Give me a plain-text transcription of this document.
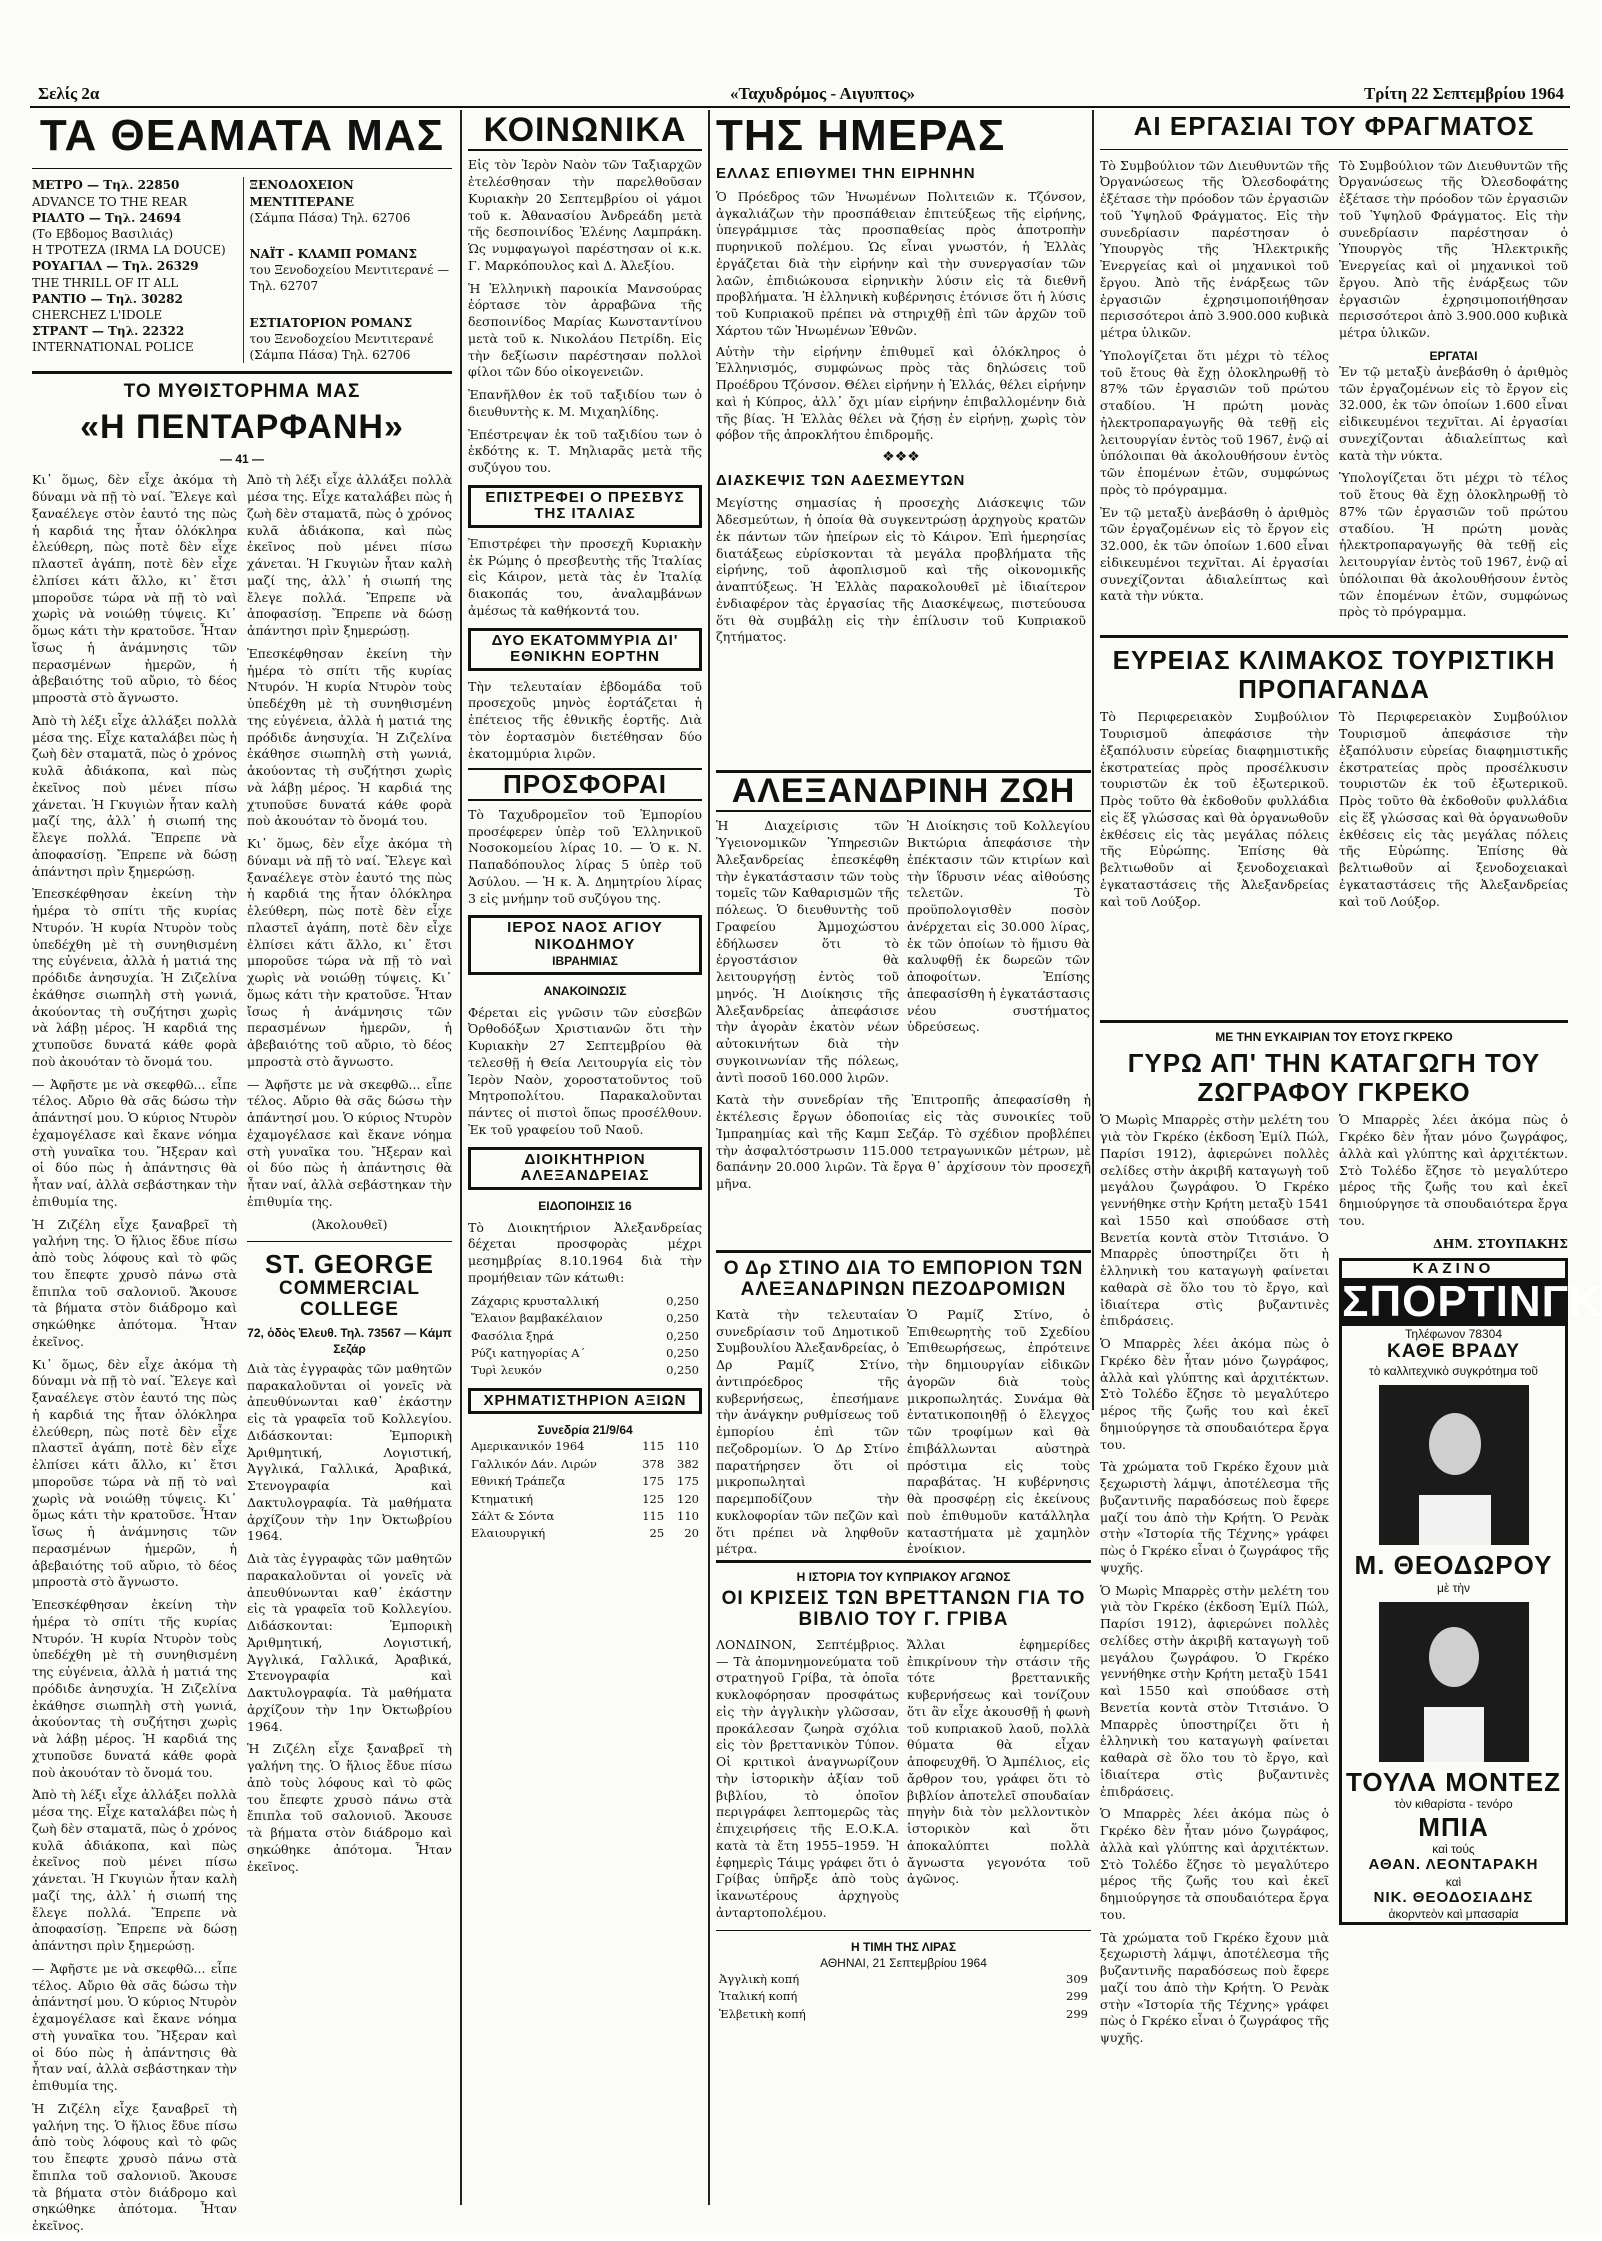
Σελίς 2α	«Ταχυδρόμος - Αιγυπτος»	Τρίτη 22 Σεπτεμβρίου 1964
ΤΑ ΘΕΑΜΑΤΑ ΜΑΣ

ΜΕΤΡΟ — Τηλ. 22850

ADVANCE TO THE REAR

ΡΙΑΛΤΟ — Τηλ. 24694

(Το Εβδομος Βασιλιάς)

Η ΤΡΟΤΕΖΑ (IRMA LA DOUCE)

ΡΟΥΑΓΙΑΛ — Τηλ. 26329

THE THRILL OF IT ALL

ΡΑΝΤΙΟ — Τηλ. 30282

CHERCHEZ L'IDOLE

ΣΤΡΑΝΤ — Τηλ. 22322

INTERNATIONAL POLICE

ΞΕΝΟΔΟΧΕΙΟΝ ΜΕΝΤΙΤΕΡΑΝΕ

(Σάμπα Πάσα) Τηλ. 62706

ΝΑΪΤ - ΚΛΑΜΠ ΡΟΜΑΝΣ

του Ξενοδοχείου Μεντιτερανέ — Τηλ. 62707

ΕΣΤΙΑΤΟΡΙΟΝ ΡΟΜΑΝΣ

του Ξενοδοχείου Μεντιτερανέ (Σάμπα Πάσα) Τηλ. 62706

ΤΟ ΜΥΘΙΣΤΟΡΗΜΑ ΜΑΣ
«Η ΠΕΝΤΑΡΦΑΝΗ»
— 41 —

Κι᾿ ὅμως, δὲν εἶχε ἀκόμα τὴ δύναμι νὰ πῇ τὸ ναί. Ἔλεγε καὶ ξαναέλεγε στὸν ἑαυτό της πὼς ἡ καρδιά της ἦταν ὁλόκληρα ἐλεύθερη, πὼς ποτὲ δὲν εἶχε πλαστεῖ ἀγάπη, ποτὲ δὲν εἶχε ἐλπίσει κάτι ἄλλο, κι᾿ ἔτσι μποροῦσε τώρα νὰ πῇ τὸ ναὶ χωρὶς νὰ νοιώθῃ τύψεις. Κι᾿ ὅμως κάτι τὴν κρατοῦσε. Ἦταν ἴσως ἡ ἀνάμνησις τῶν περασμένων ἡμερῶν, ἡ ἀβεβαιότης τοῦ αὔριο, τὸ δέος μπροστὰ στὸ ἄγνωστο.

Ἀπὸ τὴ λέξι εἶχε ἀλλάξει πολλὰ μέσα της. Εἶχε καταλάβει πὼς ἡ ζωὴ δὲν σταματᾶ, πὼς ὁ χρόνος κυλᾶ ἀδιάκοπα, καὶ πὼς ἐκεῖνος ποὺ μένει πίσω χάνεται. Ἡ Γκυγιὼν ἦταν καλὴ μαζί της, ἀλλ᾿ ἡ σιωπή της ἔλεγε πολλά. Ἔπρεπε νὰ ἀποφασίσῃ. Ἔπρεπε νὰ δώσῃ ἀπάντησι πρὶν ξημερώσῃ.

Ἐπεσκέφθησαν ἐκείνη τὴν ἡμέρα τὸ σπίτι τῆς κυρίας Ντυρόν. Ἡ κυρία Ντυρὸν τοὺς ὑπεδέχθη μὲ τὴ συνηθισμένη της εὐγένεια, ἀλλὰ ἡ ματιά της πρόδιδε ἀνησυχία. Ἡ Ζιζελίνα ἐκάθησε σιωπηλὴ στὴ γωνιά, ἀκούοντας τὴ συζήτησι χωρὶς νὰ λάβῃ μέρος. Ἡ καρδιά της χτυποῦσε δυνατά κάθε φορὰ ποὺ ἀκουόταν τὸ ὄνομά του.

— Ἀφῆστε με νὰ σκεφθῶ... εἶπε τέλος. Αὔριο θὰ σᾶς δώσω τὴν ἀπάντησί μου. Ὁ κύριος Ντυρὸν ἐχαμογέλασε καὶ ἔκανε νόημα στὴ γυναῖκα του. Ἤξεραν καὶ οἱ δύο πὼς ἡ ἀπάντησις θὰ ἦταν ναί, ἀλλὰ σεβάστηκαν τὴν ἐπιθυμία της.

Ἡ Ζιζέλη εἶχε ξαναβρεῖ τὴ γαλήνη της. Ὁ ἥλιος ἔδυε πίσω ἀπὸ τοὺς λόφους καὶ τὸ φῶς του ἔπεφτε χρυσὸ πάνω στὰ ἔπιπλα τοῦ σαλονιοῦ. Ἄκουσε τὰ βήματα στὸν διάδρομο καὶ σηκώθηκε ἀπότομα. Ἦταν ἐκεῖνος.

Κι᾿ ὅμως, δὲν εἶχε ἀκόμα τὴ δύναμι νὰ πῇ τὸ ναί. Ἔλεγε καὶ ξαναέλεγε στὸν ἑαυτό της πὼς ἡ καρδιά της ἦταν ὁλόκληρα ἐλεύθερη, πὼς ποτὲ δὲν εἶχε πλαστεῖ ἀγάπη, ποτὲ δὲν εἶχε ἐλπίσει κάτι ἄλλο, κι᾿ ἔτσι μποροῦσε τώρα νὰ πῇ τὸ ναὶ χωρὶς νὰ νοιώθῃ τύψεις. Κι᾿ ὅμως κάτι τὴν κρατοῦσε. Ἦταν ἴσως ἡ ἀνάμνησις τῶν περασμένων ἡμερῶν, ἡ ἀβεβαιότης τοῦ αὔριο, τὸ δέος μπροστὰ στὸ ἄγνωστο.

Ἐπεσκέφθησαν ἐκείνη τὴν ἡμέρα τὸ σπίτι τῆς κυρίας Ντυρόν. Ἡ κυρία Ντυρὸν τοὺς ὑπεδέχθη μὲ τὴ συνηθισμένη της εὐγένεια, ἀλλὰ ἡ ματιά της πρόδιδε ἀνησυχία. Ἡ Ζιζελίνα ἐκάθησε σιωπηλὴ στὴ γωνιά, ἀκούοντας τὴ συζήτησι χωρὶς νὰ λάβῃ μέρος. Ἡ καρδιά της χτυποῦσε δυνατά κάθε φορὰ ποὺ ἀκουόταν τὸ ὄνομά του.

Ἀπὸ τὴ λέξι εἶχε ἀλλάξει πολλὰ μέσα της. Εἶχε καταλάβει πὼς ἡ ζωὴ δὲν σταματᾶ, πὼς ὁ χρόνος κυλᾶ ἀδιάκοπα, καὶ πὼς ἐκεῖνος ποὺ μένει πίσω χάνεται. Ἡ Γκυγιὼν ἦταν καλὴ μαζί της, ἀλλ᾿ ἡ σιωπή της ἔλεγε πολλά. Ἔπρεπε νὰ ἀποφασίσῃ. Ἔπρεπε νὰ δώσῃ ἀπάντησι πρὶν ξημερώσῃ.

— Ἀφῆστε με νὰ σκεφθῶ... εἶπε τέλος. Αὔριο θὰ σᾶς δώσω τὴν ἀπάντησί μου. Ὁ κύριος Ντυρὸν ἐχαμογέλασε καὶ ἔκανε νόημα στὴ γυναῖκα του. Ἤξεραν καὶ οἱ δύο πὼς ἡ ἀπάντησις θὰ ἦταν ναί, ἀλλὰ σεβάστηκαν τὴν ἐπιθυμία της.

Ἡ Ζιζέλη εἶχε ξαναβρεῖ τὴ γαλήνη της. Ὁ ἥλιος ἔδυε πίσω ἀπὸ τοὺς λόφους καὶ τὸ φῶς του ἔπεφτε χρυσὸ πάνω στὰ ἔπιπλα τοῦ σαλονιοῦ. Ἄκουσε τὰ βήματα στὸν διάδρομο καὶ σηκώθηκε ἀπότομα. Ἦταν ἐκεῖνος.

Ἀπὸ τὴ λέξι εἶχε ἀλλάξει πολλὰ μέσα της. Εἶχε καταλάβει πὼς ἡ ζωὴ δὲν σταματᾶ, πὼς ὁ χρόνος κυλᾶ ἀδιάκοπα, καὶ πὼς ἐκεῖνος ποὺ μένει πίσω χάνεται. Ἡ Γκυγιὼν ἦταν καλὴ μαζί της, ἀλλ᾿ ἡ σιωπή της ἔλεγε πολλά. Ἔπρεπε νὰ ἀποφασίσῃ. Ἔπρεπε νὰ δώσῃ ἀπάντησι πρὶν ξημερώσῃ.

Ἐπεσκέφθησαν ἐκείνη τὴν ἡμέρα τὸ σπίτι τῆς κυρίας Ντυρόν. Ἡ κυρία Ντυρὸν τοὺς ὑπεδέχθη μὲ τὴ συνηθισμένη της εὐγένεια, ἀλλὰ ἡ ματιά της πρόδιδε ἀνησυχία. Ἡ Ζιζελίνα ἐκάθησε σιωπηλὴ στὴ γωνιά, ἀκούοντας τὴ συζήτησι χωρὶς νὰ λάβῃ μέρος. Ἡ καρδιά της χτυποῦσε δυνατά κάθε φορὰ ποὺ ἀκουόταν τὸ ὄνομά του.

Κι᾿ ὅμως, δὲν εἶχε ἀκόμα τὴ δύναμι νὰ πῇ τὸ ναί. Ἔλεγε καὶ ξαναέλεγε στὸν ἑαυτό της πὼς ἡ καρδιά της ἦταν ὁλόκληρα ἐλεύθερη, πὼς ποτὲ δὲν εἶχε πλαστεῖ ἀγάπη, ποτὲ δὲν εἶχε ἐλπίσει κάτι ἄλλο, κι᾿ ἔτσι μποροῦσε τώρα νὰ πῇ τὸ ναὶ χωρὶς νὰ νοιώθῃ τύψεις. Κι᾿ ὅμως κάτι τὴν κρατοῦσε. Ἦταν ἴσως ἡ ἀνάμνησις τῶν περασμένων ἡμερῶν, ἡ ἀβεβαιότης τοῦ αὔριο, τὸ δέος μπροστὰ στὸ ἄγνωστο.

— Ἀφῆστε με νὰ σκεφθῶ... εἶπε τέλος. Αὔριο θὰ σᾶς δώσω τὴν ἀπάντησί μου. Ὁ κύριος Ντυρὸν ἐχαμογέλασε καὶ ἔκανε νόημα στὴ γυναῖκα του. Ἤξεραν καὶ οἱ δύο πὼς ἡ ἀπάντησις θὰ ἦταν ναί, ἀλλὰ σεβάστηκαν τὴν ἐπιθυμία της.

(Ἀκολουθεῖ)

ST. GEORGE
COMMERCIAL COLLEGE
72, ὁδὸς Ἐλευθ. Τηλ. 73567 — Κάμπ Σεζάρ

Διὰ τὰς ἐγγραφὰς τῶν μαθητῶν παρακαλοῦνται οἱ γονεῖς νὰ ἀπευθύνωνται καθ᾿ ἑκάστην εἰς τὰ γραφεῖα τοῦ Κολλεγίου. Διδάσκονται: Ἐμπορικὴ Ἀριθμητική, Λογιστική, Ἀγγλικά, Γαλλικά, Ἀραβικά, Στενογραφία καὶ Δακτυλογραφία. Τὰ μαθήματα ἀρχίζουν τὴν 1ην Ὀκτωβρίου 1964.

Διὰ τὰς ἐγγραφὰς τῶν μαθητῶν παρακαλοῦνται οἱ γονεῖς νὰ ἀπευθύνωνται καθ᾿ ἑκάστην εἰς τὰ γραφεῖα τοῦ Κολλεγίου. Διδάσκονται: Ἐμπορικὴ Ἀριθμητική, Λογιστική, Ἀγγλικά, Γαλλικά, Ἀραβικά, Στενογραφία καὶ Δακτυλογραφία. Τὰ μαθήματα ἀρχίζουν τὴν 1ην Ὀκτωβρίου 1964.

Ἡ Ζιζέλη εἶχε ξαναβρεῖ τὴ γαλήνη της. Ὁ ἥλιος ἔδυε πίσω ἀπὸ τοὺς λόφους καὶ τὸ φῶς του ἔπεφτε χρυσὸ πάνω στὰ ἔπιπλα τοῦ σαλονιοῦ. Ἄκουσε τὰ βήματα στὸν διάδρομο καὶ σηκώθηκε ἀπότομα. Ἦταν ἐκεῖνος.

ΚΟΙΝΩΝΙΚΑ

Εἰς τὸν Ἱερὸν Ναὸν τῶν Ταξιαρχῶν ἐτελέσθησαν τὴν παρελθοῦσαν Κυριακὴν 20 Σεπτεμβρίου οἱ γάμοι τοῦ κ. Ἀθανασίου Ἀνδρεάδη μετὰ τῆς δεσποινίδος Ἑλένης Λαμπράκη. Ὡς νυμφαγωγοὶ παρέστησαν οἱ κ.κ. Γ. Μαρκόπουλος καὶ Δ. Ἀλεξίου.

Ἡ Ἑλληνικὴ παροικία Μανσούρας ἐόρτασε τὸν ἀρραβῶνα τῆς δεσποινίδος Μαρίας Κωνσταντίνου μετὰ τοῦ κ. Νικολάου Πετρίδη. Εἰς τὴν δεξίωσιν παρέστησαν πολλοὶ φίλοι τῶν δύο οἰκογενειῶν.

Ἐπανῆλθον ἐκ τοῦ ταξιδίου των ὁ διευθυντὴς κ. Μ. Μιχαηλίδης.

Ἐπέστρεψαν ἐκ τοῦ ταξιδίου των ὁ ἐκδότης κ. Τ. Μηλιαρᾶς μετὰ τῆς συζύγου του.

ΕΠΙΣΤΡΕΦΕΙ Ο ΠΡΕΣΒΥΣ ΤΗΣ ΙΤΑΛΙΑΣ

Ἐπιστρέφει τὴν προσεχῆ Κυριακὴν ἐκ Ρώμης ὁ πρεσβευτὴς τῆς Ἰταλίας εἰς Κάιρον, μετὰ τὰς ἐν Ἰταλίᾳ διακοπάς του, ἀναλαμβάνων ἀμέσως τὰ καθήκοντά του.

ΔΥΟ ΕΚΑΤΟΜΜΥΡΙΑ ΔΙ' ΕΘΝΙΚΗΝ ΕΟΡΤΗΝ

Τὴν τελευταίαν ἑβδομάδα τοῦ προσεχοῦς μηνὸς ἑορτάζεται ἡ ἐπέτειος τῆς ἐθνικῆς ἑορτῆς. Διὰ τὸν ἑορτασμὸν διετέθησαν δύο ἑκατομμύρια λιρῶν.

ΠΡΟΣΦΟΡΑΙ

Τὸ Ταχυδρομεῖον τοῦ Ἐμπορίου προσέφερεν ὑπὲρ τοῦ Ἑλληνικοῦ Νοσοκομείου λίρας 10. — Ὁ κ. Ν. Παπαδόπουλος λίρας 5 ὑπὲρ τοῦ Ἀσύλου. — Ἡ κ. Ἀ. Δημητρίου λίρας 3 εἰς μνήμην τοῦ συζύγου της.

ΙΕΡΟΣ ΝΑΟΣ ΑΓΙΟΥ ΝΙΚΟΔΗΜΟΥ
ΙΒΡΑΗΜΙΑΣ
ΑΝΑΚΟΙΝΩΣΙΣ

Φέρεται εἰς γνῶσιν τῶν εὐσεβῶν Ὀρθοδόξων Χριστιανῶν ὅτι τὴν Κυριακὴν 27 Σεπτεμβρίου θὰ τελεσθῇ ἡ Θεία Λειτουργία εἰς τὸν Ἱερὸν Ναὸν, χοροστατοῦντος τοῦ Μητροπολίτου. Παρακαλοῦνται πάντες οἱ πιστοὶ ὅπως προσέλθουν. Ἐκ τοῦ γραφείου τοῦ Ναοῦ.

ΔΙΟΙΚΗΤΗΡΙΟΝ ΑΛΕΞΑΝΔΡΕΙΑΣ
ΕΙΔΟΠΟΙΗΣΙΣ 16

Τὸ Διοικητήριον Ἀλεξανδρείας δέχεται προσφορὰς μέχρι μεσημβρίας 8.10.1964 διὰ τὴν προμήθειαν τῶν κάτωθι:

Ζάχαρις κρυσταλλική	0,250
Ἔλαιον βαμβακέλαιον	0,250
Φασόλια ξηρά	0,250
Ρύζι κατηγορίας Α΄	0,250
Τυρὶ λευκόν	0,250
ΧΡΗΜΑΤΙΣΤΗΡΙΟΝ ΑΞΙΩΝ
Συνεδρία 21/9/64
Αμερικανικόν 1964	115	110
Γαλλικόν Δάν. Λιρών	378	382
Εθνική Τράπεζα	175	175
Κτηματική	125	120
Σάλτ & Σόντα	115	110
Ελαιουργική	25	20
ΤΗΣ ΗΜΕΡΑΣ
ΕΛΛΑΣ ΕΠΙΘΥΜΕΙ ΤΗΝ ΕΙΡΗΝΗΝ

Ὁ Πρόεδρος τῶν Ἡνωμένων Πολιτειῶν κ. Τζόνσον, ἀγκαλιάζων τὴν προσπάθειαν ἐπιτεύξεως τῆς εἰρήνης, ὑπεγράμμισε τὰς προσπαθείας πρὸς ἀποτροπὴν πυρηνικοῦ πολέμου. Ὡς εἶναι γνωστόν, ἡ Ἑλλὰς ἐργάζεται διὰ τὴν εἰρήνην καὶ τὴν συνεργασίαν τῶν λαῶν, ἐπιδιώκουσα εἰρηνικὴν λύσιν εἰς τὰ διεθνῆ προβλήματα. Ἡ ἑλληνικὴ κυβέρνησις ἐτόνισε ὅτι ἡ λύσις τοῦ Κυπριακοῦ πρέπει νὰ στηριχθῇ ἐπὶ τῶν ἀρχῶν τοῦ Χάρτου τῶν Ἡνωμένων Ἐθνῶν.

Αὐτὴν τὴν εἰρήνην ἐπιθυμεῖ καὶ ὁλόκληρος ὁ Ἑλληνισμός, συμφώνως πρὸς τὰς δηλώσεις τοῦ Προέδρου Τζόνσον. Θέλει εἰρήνην ἡ Ἑλλάς, θέλει εἰρήνην καὶ ἡ Κύπρος, ἀλλ᾿ ὄχι μίαν εἰρήνην ἐπιβαλλομένην διὰ τῆς βίας. Ἡ Ἑλλὰς θέλει νὰ ζήσῃ ἐν εἰρήνῃ, χωρὶς τὸν φόβον τῆς ἀπροκλήτου ἐπιδρομῆς.

❖❖❖
ΔΙΑΣΚΕΨΙΣ ΤΩΝ ΑΔΕΣΜΕΥΤΩΝ

Μεγίστης σημασίας ἡ προσεχὴς Διάσκεψις τῶν Ἀδεσμεύτων, ἡ ὁποία θὰ συγκεντρώσῃ ἀρχηγοὺς κρατῶν ἐκ πάντων τῶν ἠπείρων εἰς τὸ Κάιρον. Ἐπὶ ἡμερησίας διατάξεως εὑρίσκονται τὰ μεγάλα προβλήματα τῆς εἰρήνης, τοῦ ἀφοπλισμοῦ καὶ τῆς οἰκονομικῆς ἀναπτύξεως. Ἡ Ἑλλὰς παρακολουθεῖ μὲ ἰδιαίτερον ἐνδιαφέρον τὰς ἐργασίας τῆς Διασκέψεως, πιστεύουσα ὅτι θὰ συμβάλῃ εἰς τὴν ἐπίλυσιν τοῦ Κυπριακοῦ ζητήματος.

ΑΙ ΕΡΓΑΣΙΑΙ ΤΟΥ ΦΡΑΓΜΑΤΟΣ

Τὸ Συμβούλιον τῶν Διευθυντῶν τῆς Ὀργανώσεως τῆς Ὀλεσδοφάτης ἐξέτασε τὴν πρόοδον τῶν ἐργασιῶν τοῦ Ὑψηλοῦ Φράγματος. Εἰς τὴν συνεδρίασιν παρέστησαν ὁ Ὑπουργὸς τῆς Ἠλεκτρικῆς Ἐνεργείας καὶ οἱ μηχανικοὶ τοῦ ἔργου. Ἀπὸ τῆς ἐνάρξεως τῶν ἐργασιῶν ἐχρησιμοποιήθησαν περισσότεροι ἀπὸ 3.900.000 κυβικὰ μέτρα ὑλικῶν.

Ὑπολογίζεται ὅτι μέχρι τὸ τέλος τοῦ ἔτους θὰ ἔχῃ ὁλοκληρωθῇ τὸ 87% τῶν ἐργασιῶν τοῦ πρώτου σταδίου. Ἡ πρώτη μονὰς ἠλεκτροπαραγωγῆς θὰ τεθῇ εἰς λειτουργίαν ἐντὸς τοῦ 1967, ἐνῷ αἱ ὑπόλοιπαι θὰ ἀκολουθήσουν ἐντὸς τῶν ἑπομένων ἐτῶν, συμφώνως πρὸς τὸ πρόγραμμα.

Ἐν τῷ μεταξὺ ἀνεβάσθη ὁ ἀριθμὸς τῶν ἐργαζομένων εἰς τὸ ἔργον εἰς 32.000, ἐκ τῶν ὁποίων 1.600 εἶναι εἰδικευμένοι τεχνῖται. Αἱ ἐργασίαι συνεχίζονται ἀδιαλείπτως καὶ κατὰ τὴν νύκτα.

Τὸ Συμβούλιον τῶν Διευθυντῶν τῆς Ὀργανώσεως τῆς Ὀλεσδοφάτης ἐξέτασε τὴν πρόοδον τῶν ἐργασιῶν τοῦ Ὑψηλοῦ Φράγματος. Εἰς τὴν συνεδρίασιν παρέστησαν ὁ Ὑπουργὸς τῆς Ἠλεκτρικῆς Ἐνεργείας καὶ οἱ μηχανικοὶ τοῦ ἔργου. Ἀπὸ τῆς ἐνάρξεως τῶν ἐργασιῶν ἐχρησιμοποιήθησαν περισσότεροι ἀπὸ 3.900.000 κυβικὰ μέτρα ὑλικῶν.

ΕΡΓΑΤΑΙ

Ἐν τῷ μεταξὺ ἀνεβάσθη ὁ ἀριθμὸς τῶν ἐργαζομένων εἰς τὸ ἔργον εἰς 32.000, ἐκ τῶν ὁποίων 1.600 εἶναι εἰδικευμένοι τεχνῖται. Αἱ ἐργασίαι συνεχίζονται ἀδιαλείπτως καὶ κατὰ τὴν νύκτα.

Ὑπολογίζεται ὅτι μέχρι τὸ τέλος τοῦ ἔτους θὰ ἔχῃ ὁλοκληρωθῇ τὸ 87% τῶν ἐργασιῶν τοῦ πρώτου σταδίου. Ἡ πρώτη μονὰς ἠλεκτροπαραγωγῆς θὰ τεθῇ εἰς λειτουργίαν ἐντὸς τοῦ 1967, ἐνῷ αἱ ὑπόλοιπαι θὰ ἀκολουθήσουν ἐντὸς τῶν ἑπομένων ἐτῶν, συμφώνως πρὸς τὸ πρόγραμμα.

ΕΥΡΕΙΑΣ ΚΛΙΜΑΚΟΣ ΤΟΥΡΙΣΤΙΚΗ ΠΡΟΠΑΓΑΝΔΑ

Τὸ Περιφερειακὸν Συμβούλιον Τουρισμοῦ ἀπεφάσισε τὴν ἐξαπόλυσιν εὐρείας διαφημιστικῆς ἐκστρατείας πρὸς προσέλκυσιν τουριστῶν ἐκ τοῦ ἐξωτερικοῦ. Πρὸς τοῦτο θὰ ἐκδοθοῦν φυλλάδια εἰς ἕξ γλώσσας καὶ θὰ ὀργανωθοῦν ἐκθέσεις εἰς τὰς μεγάλας πόλεις τῆς Εὐρώπης. Ἐπίσης θὰ βελτιωθοῦν αἱ ξενοδοχειακαὶ ἐγκαταστάσεις τῆς Ἀλεξανδρείας καὶ τοῦ Λούξορ.

Τὸ Περιφερειακὸν Συμβούλιον Τουρισμοῦ ἀπεφάσισε τὴν ἐξαπόλυσιν εὐρείας διαφημιστικῆς ἐκστρατείας πρὸς προσέλκυσιν τουριστῶν ἐκ τοῦ ἐξωτερικοῦ. Πρὸς τοῦτο θὰ ἐκδοθοῦν φυλλάδια εἰς ἕξ γλώσσας καὶ θὰ ὀργανωθοῦν ἐκθέσεις εἰς τὰς μεγάλας πόλεις τῆς Εὐρώπης. Ἐπίσης θὰ βελτιωθοῦν αἱ ξενοδοχειακαὶ ἐγκαταστάσεις τῆς Ἀλεξανδρείας καὶ τοῦ Λούξορ.

ΑΛΕΞΑΝΔΡΙΝΗ ΖΩΗ

Ἡ Διαχείρισις τῶν Ὑγειονομικῶν Ὑπηρεσιῶν Ἀλεξανδρείας ἐπεσκέφθη τὴν ἐγκατάστασιν τῶν τοὺς τομεῖς τῶν Καθαρισμῶν τῆς πόλεως. Ὁ διευθυντὴς τοῦ Γραφείου Ἀμμοχώστου ἐδήλωσεν ὅτι τὸ ἐργοστάσιον θὰ λειτουργήσῃ ἐντὸς τοῦ μηνός. Ἡ Διοίκησις τῆς Ἀλεξανδρείας ἀπεφάσισε τὴν ἀγορὰν ἑκατὸν νέων αὐτοκινήτων διὰ τὴν συγκοινωνίαν τῆς πόλεως, ἀντὶ ποσοῦ 160.000 λιρῶν.

Ἡ Διοίκησις τοῦ Κολλεγίου Βικτώρια ἀπεφάσισε τὴν ἐπέκτασιν τῶν κτιρίων καὶ τὴν ἵδρυσιν νέας αἰθούσης τελετῶν. Τὸ προϋπολογισθὲν ποσὸν ἀνέρχεται εἰς 30.000 λίρας, ἐκ τῶν ὁποίων τὸ ἥμισυ θὰ καλυφθῇ ἐκ δωρεῶν τῶν ἀποφοίτων. Ἐπίσης ἀπεφασίσθη ἡ ἐγκατάστασις νέου συστήματος ὑδρεύσεως.

Κατὰ τὴν συνεδρίαν τῆς Ἐπιτροπῆς ἀπεφασίσθη ἡ ἐκτέλεσις ἔργων ὀδοποιίας εἰς τὰς συνοικίες τοῦ Ἰμπραημίας καὶ τῆς Καμπ Σεζάρ. Τὸ σχέδιον προβλέπει τὴν ἀσφαλτόστρωσιν 115.000 τετραγωνικῶν μέτρων, μὲ δαπάνην 20.000 λιρῶν. Τὰ ἔργα θ᾿ ἀρχίσουν τὸν προσεχῆ μῆνα.

Ο Δρ ΣΤΙΝΟ ΔΙΑ ΤΟ ΕΜΠΟΡΙΟΝ ΤΩΝ ΑΛΕΞΑΝΔΡΙΝΩΝ ΠΕΖΟΔΡΟΜΙΩΝ

Κατὰ τὴν τελευταίαν συνεδρίασιν τοῦ Δημοτικοῦ Συμβουλίου Ἀλεξανδρείας, ὁ Δρ Ραμίζ Στίνο, ἀντιπρόεδρος τῆς κυβερνήσεως, ἐπεσήμανε τὴν ἀνάγκην ρυθμίσεως τοῦ ἐμπορίου ἐπὶ τῶν πεζοδρομίων. Ὁ Δρ Στίνο παρατήρησεν ὅτι οἱ μικροπωληταὶ παρεμποδίζουν τὴν κυκλοφορίαν τῶν πεζῶν καὶ ὅτι πρέπει νὰ ληφθοῦν μέτρα.

Ὁ Ραμίζ Στίνο, ὁ Ἐπιθεωρητὴς τοῦ Σχεδίου Ἐπιθεωρήσεως, ἐπρότεινε τὴν δημιουργίαν εἰδικῶν ἀγορῶν διὰ τοὺς μικροπωλητάς. Συνάμα θὰ ἐντατικοποιηθῇ ὁ ἔλεγχος τῶν τροφίμων καὶ θὰ ἐπιβάλλωνται αὐστηρὰ πρόστιμα εἰς τοὺς παραβάτας. Ἡ κυβέρνησις θὰ προσφέρῃ εἰς ἐκείνους ποὺ ἐπιθυμοῦν κατάλληλα καταστήματα μὲ χαμηλὸν ἐνοίκιον.

Η ΙΣΤΟΡΙΑ ΤΟΥ ΚΥΠΡΙΑΚΟΥ ΑΓΩΝΟΣ
ΟΙ ΚΡΙΣΕΙΣ ΤΩΝ ΒΡΕΤΤΑΝΩΝ ΓΙΑ ΤΟ ΒΙΒΛΙΟ ΤΟΥ Γ. ΓΡΙΒΑ

ΛΟΝΔΙΝΟΝ, Σεπτέμβριος. — Τὰ ἀπομνημονεύματα τοῦ στρατηγοῦ Γρίβα, τὰ ὁποῖα κυκλοφόρησαν προσφάτως εἰς τὴν ἀγγλικὴν γλῶσσαν, προκάλεσαν ζωηρὰ σχόλια εἰς τὸν βρεττανικὸν Τύπον. Οἱ κριτικοὶ ἀναγνωρίζουν τὴν ἱστορικὴν ἀξίαν τοῦ βιβλίου, τὸ ὁποῖον περιγράφει λεπτομερῶς τὰς ἐπιχειρήσεις τῆς Ε.Ο.Κ.Α. κατὰ τὰ ἔτη 1955–1959. Ἡ ἐφημερὶς Τάιμς γράφει ὅτι ὁ Γρίβας ὑπῆρξε ἀπὸ τοὺς ἱκανωτέρους ἀρχηγοὺς ἀνταρτοπολέμου.

Ἄλλαι ἐφημερίδες ἐπικρίνουν τὴν στάσιν τῆς τότε βρεττανικῆς κυβερνήσεως καὶ τονίζουν ὅτι ἂν εἶχε ἀκουσθῇ ἡ φωνὴ τοῦ κυπριακοῦ λαοῦ, πολλὰ θύματα θὰ εἶχαν ἀποφευχθῆ. Ὁ Ἀμπέλιος, εἰς ἄρθρον του, γράφει ὅτι τὸ βιβλίον ἀποτελεῖ σπουδαίαν πηγὴν διὰ τὸν μελλοντικὸν ἱστορικὸν καὶ ὅτι ἀποκαλύπτει πολλὰ ἄγνωστα γεγονότα τοῦ ἀγῶνος.

Η ΤΙΜΗ ΤΗΣ ΛΙΡΑΣ
ΑΘΗΝΑΙ, 21 Σεπτεμβρίου 1964
Ἀγγλικὴ κοπή	309
Ἰταλική κοπή	299
Ἑλβετικὴ κοπή	299
ΜΕ ΤΗΝ ΕΥΚΑΙΡΙΑΝ ΤΟΥ ΕΤΟΥΣ ΓΚΡΕΚΟ
ΓΥΡΩ ΑΠ' ΤΗΝ ΚΑΤΑΓΩΓΗ ΤΟΥ ΖΩΓΡΑΦΟΥ ΓΚΡΕΚΟ

Ὁ Μωρὶς Μπαρρὲς στὴν μελέτη του γιὰ τὸν Γκρέκο (ἐκδοση Ἐμίλ Πώλ, Παρίσι 1912), ἀφιερώνει πολλὲς σελίδες στὴν ἀκριβῆ καταγωγὴ τοῦ μεγάλου ζωγράφου. Ὁ Γκρέκο γεννήθηκε στὴν Κρήτη μεταξὺ 1541 καὶ 1550 καὶ σπούδασε στὴ Βενετία κοντὰ στὸν Τιτσιάνο. Ὁ Μπαρρὲς ὑποστηρίζει ὅτι ἡ ἑλληνικὴ του καταγωγὴ φαίνεται καθαρὰ σὲ ὅλο του τὸ ἔργο, καὶ ἰδιαίτερα στὶς βυζαντινὲς ἐπιδράσεις.

Ὁ Μπαρρὲς λέει ἀκόμα πὼς ὁ Γκρέκο δὲν ἦταν μόνο ζωγράφος, ἀλλὰ καὶ γλύπτης καὶ ἀρχιτέκτων. Στὸ Τολέδο ἔζησε τὸ μεγαλύτερο μέρος τῆς ζωῆς του καὶ ἐκεῖ δημιούργησε τὰ σπουδαιότερα ἔργα του.

Τὰ χρώματα τοῦ Γκρέκο ἔχουν μιὰ ξεχωριστὴ λάμψι, ἀποτέλεσμα τῆς βυζαντινῆς παραδόσεως ποὺ ἔφερε μαζί του ἀπὸ τὴν Κρήτη. Ὁ Ρενὰκ στὴν «Ἱστορία τῆς Τέχνης» γράφει πὼς ὁ Γκρέκο εἶναι ὁ ζωγράφος τῆς ψυχῆς.

Ὁ Μωρὶς Μπαρρὲς στὴν μελέτη του γιὰ τὸν Γκρέκο (ἐκδοση Ἐμίλ Πώλ, Παρίσι 1912), ἀφιερώνει πολλὲς σελίδες στὴν ἀκριβῆ καταγωγὴ τοῦ μεγάλου ζωγράφου. Ὁ Γκρέκο γεννήθηκε στὴν Κρήτη μεταξὺ 1541 καὶ 1550 καὶ σπούδασε στὴ Βενετία κοντὰ στὸν Τιτσιάνο. Ὁ Μπαρρὲς ὑποστηρίζει ὅτι ἡ ἑλληνικὴ του καταγωγὴ φαίνεται καθαρὰ σὲ ὅλο του τὸ ἔργο, καὶ ἰδιαίτερα στὶς βυζαντινὲς ἐπιδράσεις.

Ὁ Μπαρρὲς λέει ἀκόμα πὼς ὁ Γκρέκο δὲν ἦταν μόνο ζωγράφος, ἀλλὰ καὶ γλύπτης καὶ ἀρχιτέκτων. Στὸ Τολέδο ἔζησε τὸ μεγαλύτερο μέρος τῆς ζωῆς του καὶ ἐκεῖ δημιούργησε τὰ σπουδαιότερα ἔργα του.

Τὰ χρώματα τοῦ Γκρέκο ἔχουν μιὰ ξεχωριστὴ λάμψι, ἀποτέλεσμα τῆς βυζαντινῆς παραδόσεως ποὺ ἔφερε μαζί του ἀπὸ τὴν Κρήτη. Ὁ Ρενὰκ στὴν «Ἱστορία τῆς Τέχνης» γράφει πὼς ὁ Γκρέκο εἶναι ὁ ζωγράφος τῆς ψυχῆς.

Ὁ Μπαρρὲς λέει ἀκόμα πὼς ὁ Γκρέκο δὲν ἦταν μόνο ζωγράφος, ἀλλὰ καὶ γλύπτης καὶ ἀρχιτέκτων. Στὸ Τολέδο ἔζησε τὸ μεγαλύτερο μέρος τῆς ζωῆς του καὶ ἐκεῖ δημιούργησε τὰ σπουδαιότερα ἔργα του.

ΔΗΜ. ΣΤΟΥΠΑΚΗΣ

ΚΑΖΙΝΟ
ΣΠΟΡΤΙΝΓΚ
Τηλέφωνον 78304
ΚΑΘΕ ΒΡΑΔΥ
τὸ καλλιτεχνικὸ συγκρότημα τοῦ
Μ. ΘΕΟΔΩΡΟΥ
μὲ τὴν
ΤΟΥΛΑ ΜΟΝΤΕΖ
τὸν κιθαρίστα - τενόρο
ΜΠΙΑ
καὶ τούς
ΑΘΑΝ. ΛΕΟΝΤΑΡΑΚΗ
καὶ
ΝΙΚ. ΘΕΟΔΟΣΙΑΔΗΣ
ἀκορντεὸν καὶ μπασαρία
